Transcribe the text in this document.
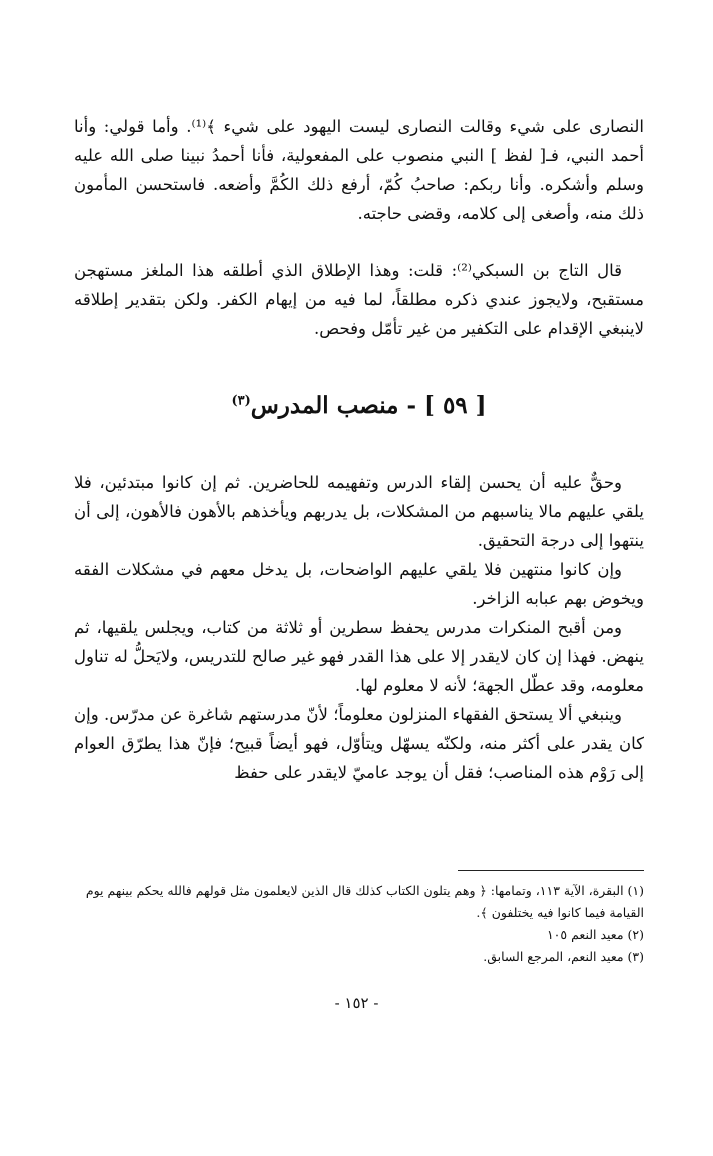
النصارى على شيء وقالت النصارى ليست اليهود على شيء ﴾⁽¹⁾. وأما قولي: وأنا أحمد النبي، فـ[ لفظ ] النبي منصوب على المفعولية، فأنا أحمدُ نبينا صلى الله عليه وسلم وأشكره. وأنا ربكم: صاحبُ كُمّ، أرفع ذلك الكُمَّ وأضعه. فاستحسن المأمون ذلك منه، وأصغى إلى كلامه، وقضى حاجته.

قال التاج بن السبكي⁽²⁾: قلت: وهذا الإطلاق الذي أطلقه هذا الملغز مستهجن مستقبح، ولايجوز عندي ذكره مطلقاً، لما فيه من إيهام الكفر. ولكن بتقدير إطلاقه لاينبغي الإقدام على التكفير من غير تأمّل وفحص.

[ ٥٩ ] - منصب المدرس$^{(٣)}$

وحقٌّ عليه أن يحسن إلقاء الدرس وتفهيمه للحاضرين. ثم إن كانوا مبتدئين، فلا يلقي عليهم مالا يناسبهم من المشكلات، بل يدربهم ويأخذهم بالأهون فالأهون، إلى أن ينتهوا إلى درجة التحقيق.

وإن كانوا منتهين فلا يلقي عليهم الواضحات، بل يدخل معهم في مشكلات الفقه ويخوض بهم عبابه الزاخر.

ومن أقبح المنكرات مدرس يحفظ سطرين أو ثلاثة من كتاب، ويجلس يلقيها، ثم ينهض. فهذا إن كان لايقدر إلا على هذا القدر فهو غير صالح للتدريس، ولايَحلُّ له تناول معلومه، وقد عطّل الجهة؛ لأنه لا معلوم لها.

وينبغي ألا يستحق الفقهاء المنزلون معلوماً؛ لأنّ مدرستهم شاغرة عن مدرّس. وإن كان يقدر على أكثر منه، ولكنّه يسهّل ويتأوّل، فهو أيضاً قبيح؛ فإنّ هذا يطرّق العوام إلى رَوْم هذه المناصب؛ فقل أن يوجد عاميّ لايقدر على حفظ

(١) البقرة، الآية ١١٣، وتمامها: ﴿ وهم يتلون الكتاب كذلك قال الذين لايعلمون مثل قولهم فالله يحكم بينهم يوم القيامة فيما كانوا فيه يختلفون ﴾.

(٢) معيد النعم ١٠٥

(٣) معيد النعم، المرجع السابق.

- ١٥٢ -
